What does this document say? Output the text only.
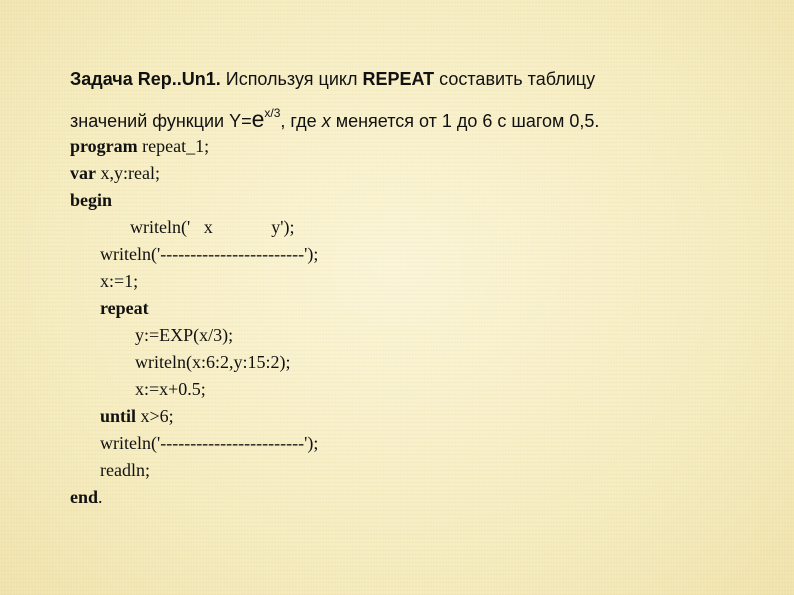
Задача Rep..Un1. Используя цикл REPEAT составить таблицу
значений функции $Y=e^{x/3}$, где x меняется от 1 до 6 с шагом 0,5.
program repeat_1;
var x,y:real;
begin
writeln('   x             y');
writeln('------------------------');
x:=1;
repeat
y:=EXP(x/3);
writeln(x:6:2,y:15:2);
x:=x+0.5;
until x>6;
writeln('------------------------');
readln;
end.
